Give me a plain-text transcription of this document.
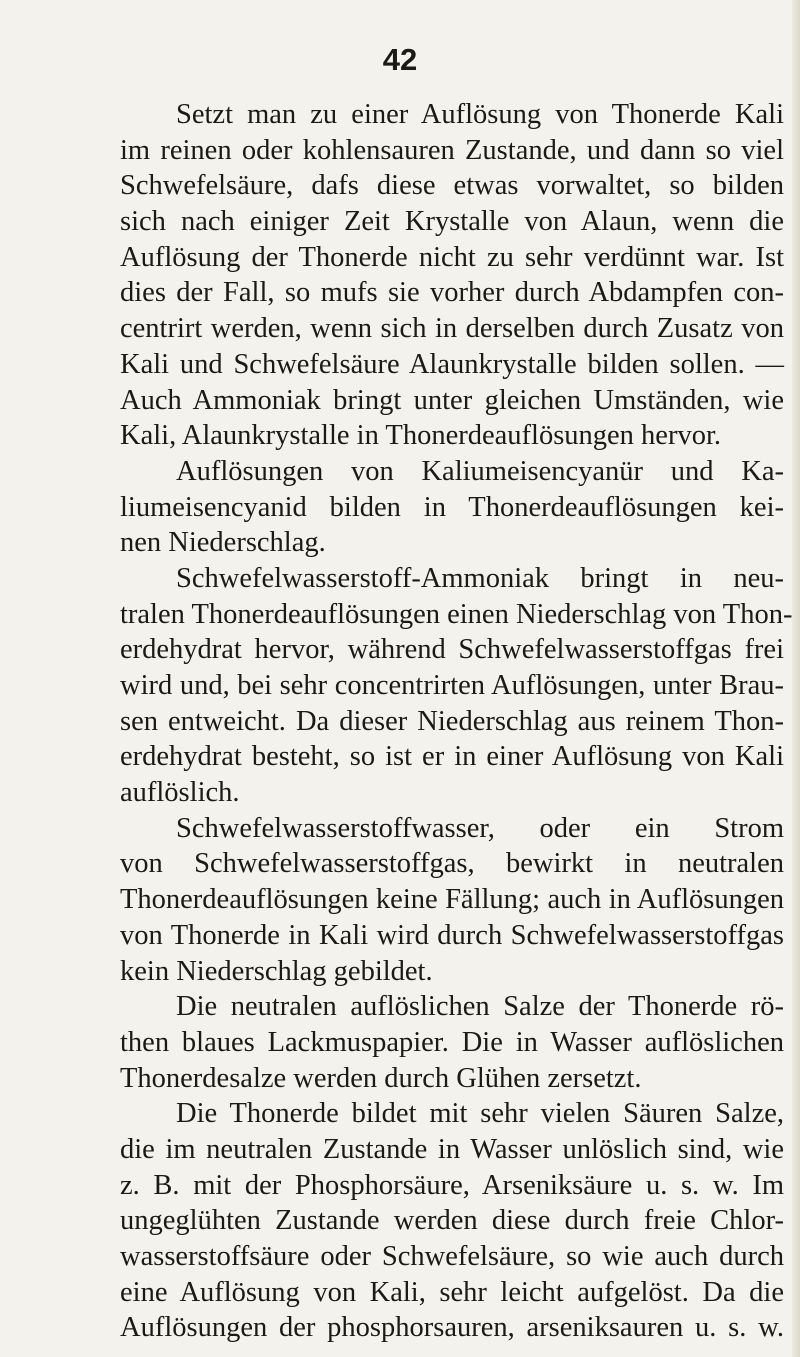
42
Setzt man zu einer Auflösung von Thonerde Kali
im reinen oder kohlensauren Zustande, und dann so viel
Schwefelsäure, dafs diese etwas vorwaltet, so bilden
sich nach einiger Zeit Krystalle von Alaun, wenn die
Auflösung der Thonerde nicht zu sehr verdünnt war. Ist
dies der Fall, so mufs sie vorher durch Abdampfen con-
centrirt werden, wenn sich in derselben durch Zusatz von
Kali und Schwefelsäure Alaunkrystalle bilden sollen. —
Auch Ammoniak bringt unter gleichen Umständen, wie
Kali, Alaunkrystalle in Thonerdeauflösungen hervor.
Auflösungen von Kaliumeisencyanür und Ka-
liumeisencyanid bilden in Thonerdeauflösungen kei-
nen Niederschlag.
Schwefelwasserstoff-Ammoniak bringt in neu-
tralen Thonerdeauflösungen einen Niederschlag von Thon-
erdehydrat hervor, während Schwefelwasserstoffgas frei
wird und, bei sehr concentrirten Auflösungen, unter Brau-
sen entweicht. Da dieser Niederschlag aus reinem Thon-
erdehydrat besteht, so ist er in einer Auflösung von Kali
auflöslich.
Schwefelwasserstoffwasser, oder ein Strom
von Schwefelwasserstoffgas, bewirkt in neutralen
Thonerdeauflösungen keine Fällung; auch in Auflösungen
von Thonerde in Kali wird durch Schwefelwasserstoffgas
kein Niederschlag gebildet.
Die neutralen auflöslichen Salze der Thonerde rö-
then blaues Lackmuspapier. Die in Wasser auflöslichen
Thonerdesalze werden durch Glühen zersetzt.
Die Thonerde bildet mit sehr vielen Säuren Salze,
die im neutralen Zustande in Wasser unlöslich sind, wie
z. B. mit der Phosphorsäure, Arseniksäure u. s. w. Im
ungeglühten Zustande werden diese durch freie Chlor-
wasserstoffsäure oder Schwefelsäure, so wie auch durch
eine Auflösung von Kali, sehr leicht aufgelöst. Da die
Auflösungen der phosphorsauren, arseniksauren u. s. w.
